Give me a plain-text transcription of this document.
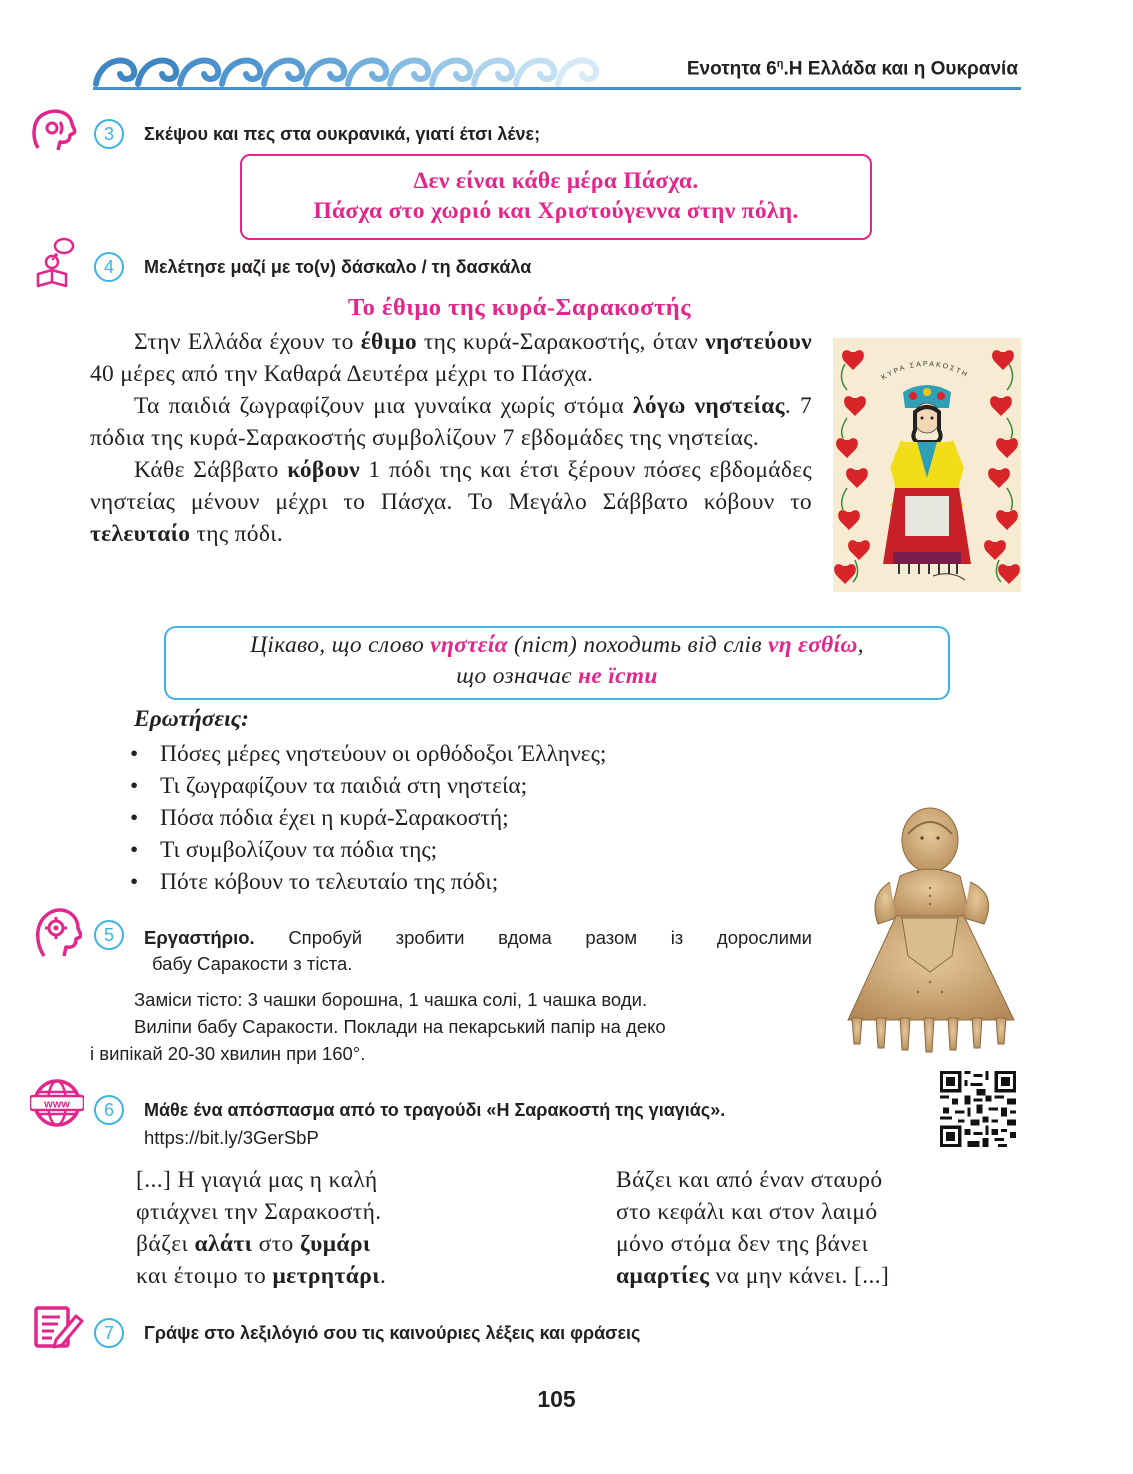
Ενοτητα $6^\eta.H$ Ελλάδα και η Ουκρανία
3	Σκέψου και πες στα ουκρανικά, γιατί έτσι λένε;
Δεν είναι κάθε μέρα Πάσχα.
Πάσχα στο χωριό και Χριστούγεννα στην πόλη.
4	Μελέτησε μαζί με το(ν) δάσκαλο / τη δασκάλα
Το έθιμο της κυρά-Σαρακοστής
Στην Ελλάδα έχουν το έθιμο της κυρά-Σαρακοστής, όταν νηστεύουν 40 μέρες από την Καθαρά Δευτέρα μέχρι το Πάσχα.
Τα παιδιά ζωγραφίζουν μια γυναίκα χωρίς στόμα λόγω νηστείας. 7 πόδια της κυρά-Σαρακοστής συμβολίζουν 7 εβδομάδες της νηστείας.
Κάθε Σάββατο κόβουν 1 πόδι της και έτσι ξέρουν πόσες εβδομάδες νηστείας μένουν μέχρι το Πάσχα. Το Μεγάλο Σάββατο κόβουν το τελευταίο της πόδι.
ΚΥΡΑ ΣΑΡΑΚΟΣΤΗ
Цікаво, що слово νηστεία (піст) походить від слів νη εσθίω,
що означає не їсти
Ερωτήσεις:
• Πόσες μέρες νηστεύουν οι ορθόδοξοι Έλληνες;
• Τι ζωγραφίζουν τα παιδιά στη νηστεία;
• Πόσα πόδια έχει η κυρά-Σαρακοστή;
• Τι συμβολίζουν τα πόδια της;
• Πότε κόβουν το τελευταίο της πόδι;
5	Εργαστήριο. Спробуй зробити вдома разом із дорослими
бабу Саракости з тіста.
Заміси тісто: 3 чашки борошна, 1 чашка солі, 1 чашка води.
Виліпи бабу Саракости. Поклади на пекарський папір на деко
і випікай 20-30 хвилин при 160°.
www	6	Μάθε ένα απόσπασμα από το τραγούδι «Η Σαρακοστή της γιαγιάς».
https://bit.ly/3GerSbP
[...] Η γιαγιά μας η καλή
φτιάχνει την Σαρακοστή.
βάζει αλάτι στο ζυμάρι
και έτοιμο το μετρητάρι.
Βάζει και από έναν σταυρό
στο κεφάλι και στον λαιμό
μόνο στόμα δεν της βάνει
αμαρτίες να μην κάνει. [...]
7	Γράψε στο λεξιλόγιό σου τις καινούριες λέξεις και φράσεις
105
